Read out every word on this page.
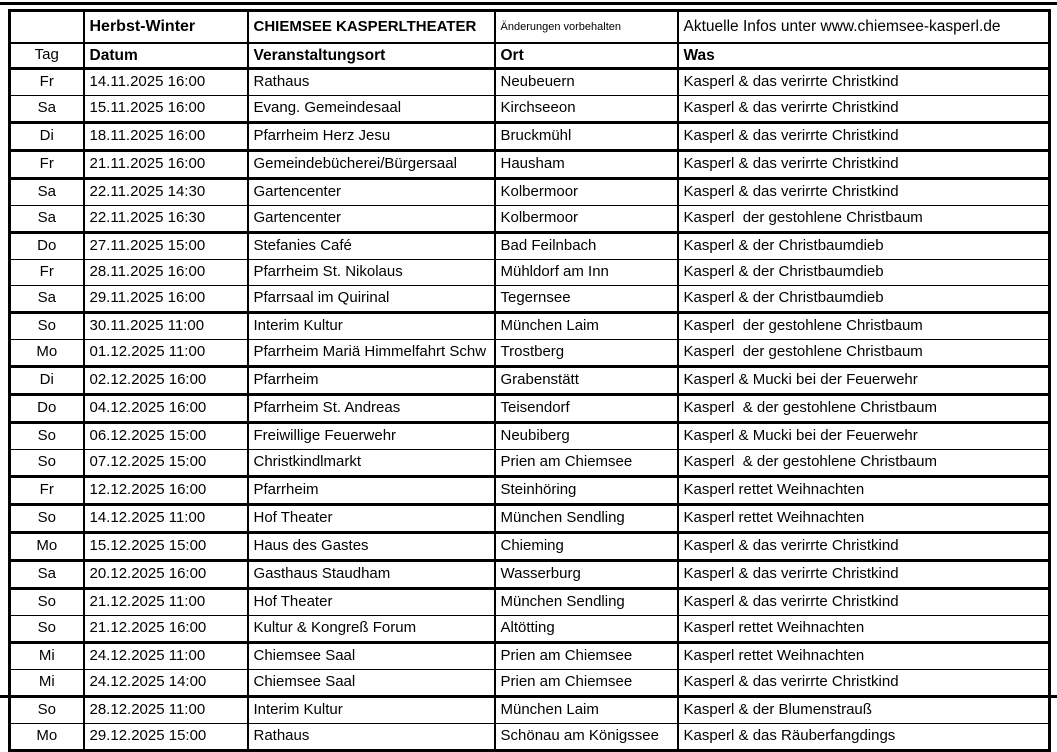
	Herbst-Winter	CHIEMSEE KASPERLTHEATER	Änderungen vorbehalten	Aktuelle Infos unter www.chiemsee-kasperl.de
Tag	Datum	Veranstaltungsort	Ort	Was
Fr	14.11.2025 16:00	Rathaus	Neubeuern	Kasperl & das verirrte Christkind
Sa	15.11.2025 16:00	Evang. Gemeindesaal	Kirchseeon	Kasperl & das verirrte Christkind
Di	18.11.2025 16:00	Pfarrheim Herz Jesu	Bruckmühl	Kasperl & das verirrte Christkind
Fr	21.11.2025 16:00	Gemeindebücherei/Bürgersaal	Hausham	Kasperl & das verirrte Christkind
Sa	22.11.2025 14:30	Gartencenter	Kolbermoor	Kasperl & das verirrte Christkind
Sa	22.11.2025 16:30	Gartencenter	Kolbermoor	Kasperl  der gestohlene Christbaum
Do	27.11.2025 15:00	Stefanies Café	Bad Feilnbach	Kasperl & der Christbaumdieb
Fr	28.11.2025 16:00	Pfarrheim St. Nikolaus	Mühldorf am Inn	Kasperl & der Christbaumdieb
Sa	29.11.2025 16:00	Pfarrsaal im Quirinal	Tegernsee	Kasperl & der Christbaumdieb
So	30.11.2025 11:00	Interim Kultur	München Laim	Kasperl  der gestohlene Christbaum
Mo	01.12.2025 11:00	Pfarrheim Mariä Himmelfahrt Schw	Trostberg	Kasperl  der gestohlene Christbaum
Di	02.12.2025 16:00	Pfarrheim	Grabenstätt	Kasperl & Mucki bei der Feuerwehr
Do	04.12.2025 16:00	Pfarrheim St. Andreas	Teisendorf	Kasperl  & der gestohlene Christbaum
So	06.12.2025 15:00	Freiwillige Feuerwehr	Neubiberg	Kasperl & Mucki bei der Feuerwehr
So	07.12.2025 15:00	Christkindlmarkt	Prien am Chiemsee	Kasperl  & der gestohlene Christbaum
Fr	12.12.2025 16:00	Pfarrheim	Steinhöring	Kasperl rettet Weihnachten
So	14.12.2025 11:00	Hof Theater	München Sendling	Kasperl rettet Weihnachten
Mo	15.12.2025 15:00	Haus des Gastes	Chieming	Kasperl & das verirrte Christkind
Sa	20.12.2025 16:00	Gasthaus Staudham	Wasserburg	Kasperl & das verirrte Christkind
So	21.12.2025 11:00	Hof Theater	München Sendling	Kasperl & das verirrte Christkind
So	21.12.2025 16:00	Kultur & Kongreß Forum	Altötting	Kasperl rettet Weihnachten
Mi	24.12.2025 11:00	Chiemsee Saal	Prien am Chiemsee	Kasperl rettet Weihnachten
Mi	24.12.2025 14:00	Chiemsee Saal	Prien am Chiemsee	Kasperl & das verirrte Christkind
So	28.12.2025 11:00	Interim Kultur	München Laim	Kasperl & der Blumenstrauß
Mo	29.12.2025 15:00	Rathaus	Schönau am Königssee	Kasperl & das Räuberfangdings
